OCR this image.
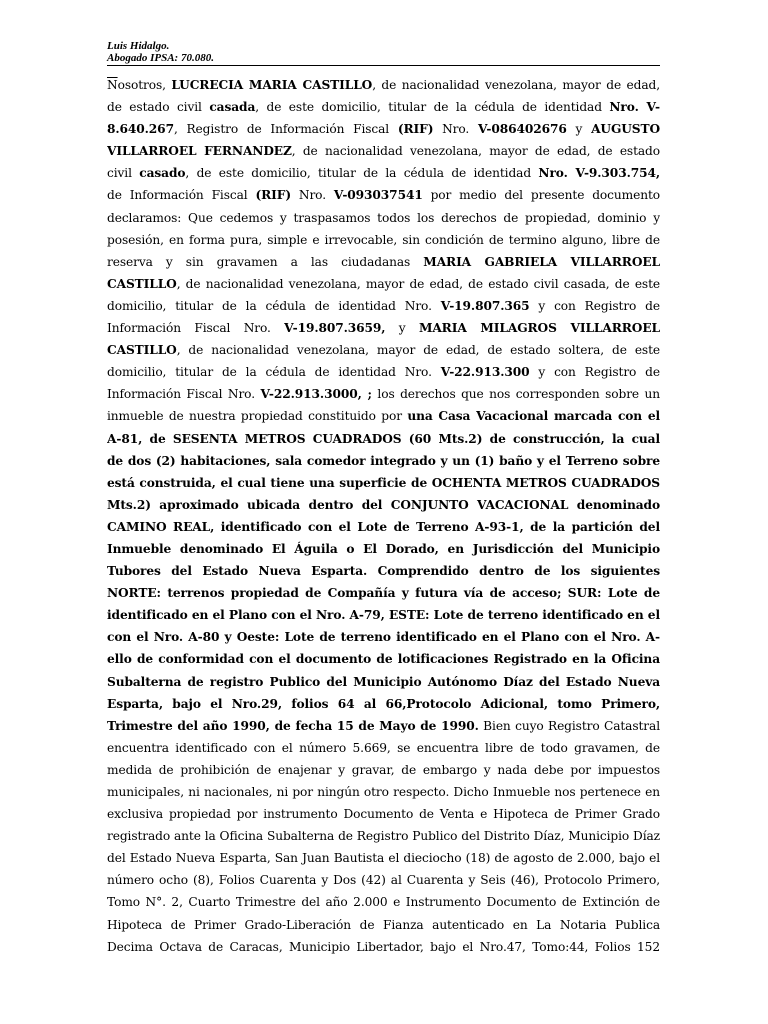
Luis Hidalgo.
Abogado IPSA: 70.080.
$\overline{N}osotros$, LUCRECIA MARIA CASTILLO, de nacionalidad venezolana, mayor de edad,
de estado civil casada, de este domicilio, titular de la cédula de identidad Nro. V-
8.640.267, Registro de Información Fiscal (RIF) Nro. V-086402676 y AUGUSTO
VILLARROEL FERNANDEZ, de nacionalidad venezolana, mayor de edad, de estado
civil casado, de este domicilio, titular de la cédula de identidad Nro. V-9.303.754,
de Información Fiscal (RIF) Nro. V-093037541 por medio del presente documento
declaramos: Que cedemos y traspasamos todos los derechos de propiedad, dominio y
posesión, en forma pura, simple e irrevocable, sin condición de termino alguno, libre de
reserva y sin gravamen a las ciudadanas MARIA GABRIELA VILLARROEL
CASTILLO, de nacionalidad venezolana, mayor de edad, de estado civil casada, de este
domicilio, titular de la cédula de identidad Nro. V-19.807.365 y con Registro de
Información Fiscal Nro. V-19.807.3659, y MARIA MILAGROS VILLARROEL
CASTILLO, de nacionalidad venezolana, mayor de edad, de estado soltera, de este
domicilio, titular de la cédula de identidad Nro. V-22.913.300 y con Registro de
Información Fiscal Nro. V-22.913.3000, ; los derechos que nos corresponden sobre un
inmueble de nuestra propiedad constituido por una Casa Vacacional marcada con el
A-81, de SESENTA METROS CUADRADOS (60 Mts.2) de construcción, la cual
de dos (2) habitaciones, sala comedor integrado y un (1) baño y el Terreno sobre
está construida, el cual tiene una superficie de OCHENTA METROS CUADRADOS
Mts.2) aproximado ubicada dentro del CONJUNTO VACACIONAL denominado
CAMINO REAL, identificado con el Lote de Terreno A-93-1, de la partición del
Inmueble denominado El Águila o El Dorado, en Jurisdicción del Municipio
Tubores del Estado Nueva Esparta. Comprendido dentro de los siguientes
NORTE: terrenos propiedad de Compañía y futura vía de acceso; SUR: Lote de
identificado en el Plano con el Nro. A-79, ESTE: Lote de terreno identificado en el
con el Nro. A-80 y Oeste: Lote de terreno identificado en el Plano con el Nro. A-
ello de conformidad con el documento de lotificaciones Registrado en la Oficina
Subalterna de registro Publico del Municipio Autónomo Díaz del Estado Nueva
Esparta, bajo el Nro.29, folios 64 al 66,Protocolo Adicional, tomo Primero,
Trimestre del año 1990, de fecha 15 de Mayo de 1990. Bien cuyo Registro Catastral
encuentra identificado con el número 5.669, se encuentra libre de todo gravamen, de
medida de prohibición de enajenar y gravar, de embargo y nada debe por impuestos
municipales, ni nacionales, ni por ningún otro respecto. Dicho Inmueble nos pertenece en
exclusiva propiedad por instrumento Documento de Venta e Hipoteca de Primer Grado
registrado ante la Oficina Subalterna de Registro Publico del Distrito Díaz, Municipio Díaz
del Estado Nueva Esparta, San Juan Bautista el dieciocho (18) de agosto de 2.000, bajo el
número ocho (8), Folios Cuarenta y Dos (42) al Cuarenta y Seis (46), Protocolo Primero,
Tomo N°. 2, Cuarto Trimestre del año 2.000 e Instrumento Documento de Extinción de
Hipoteca de Primer Grado-Liberación de Fianza autenticado en La Notaria Publica
Decima Octava de Caracas, Municipio Libertador, bajo el Nro.47, Tomo:44, Folios 152
